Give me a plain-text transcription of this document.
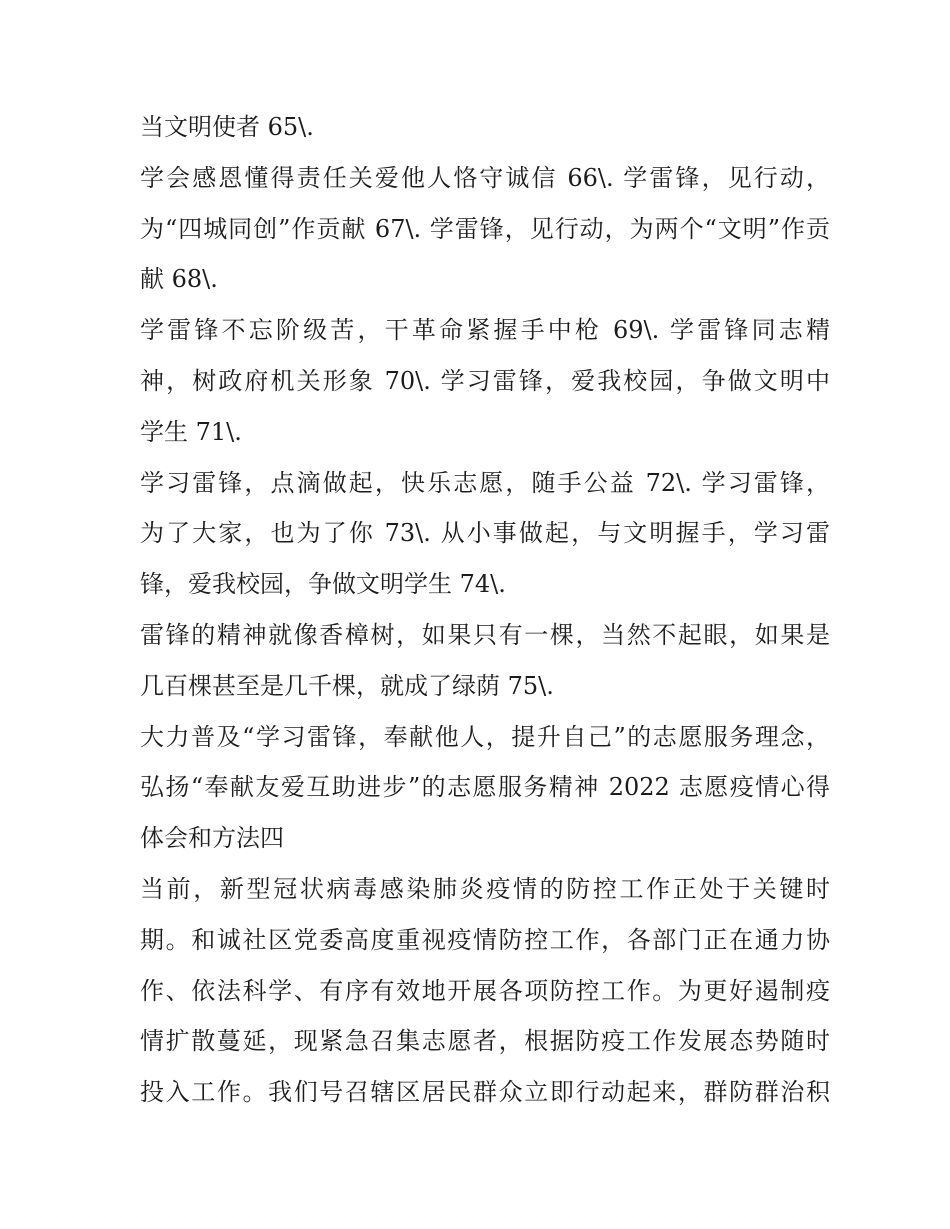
当文明使者 65\.
学会感恩懂得责任关爱他人恪守诚信 66\. 学雷锋，见行动，
为“四城同创”作贡献 67\. 学雷锋，见行动，为两个“文明”作贡
献 68\.
学雷锋不忘阶级苦，干革命紧握手中枪 69\. 学雷锋同志精
神，树政府机关形象 70\. 学习雷锋，爱我校园，争做文明中
学生 71\.
学习雷锋，点滴做起，快乐志愿，随手公益 72\. 学习雷锋，
为了大家，也为了你 73\. 从小事做起，与文明握手，学习雷
锋，爱我校园，争做文明学生 74\.
雷锋的精神就像香樟树，如果只有一棵，当然不起眼，如果是
几百棵甚至是几千棵，就成了绿荫 75\.
大力普及“学习雷锋，奉献他人，提升自己”的志愿服务理念，
弘扬“奉献友爱互助进步”的志愿服务精神 2022 志愿疫情心得
体会和方法四
当前，新型冠状病毒感染肺炎疫情的防控工作正处于关键时
期。和诚社区党委高度重视疫情防控工作，各部门正在通力协
作、依法科学、有序有效地开展各项防控工作。为更好遏制疫
情扩散蔓延，现紧急召集志愿者，根据防疫工作发展态势随时
投入工作。我们号召辖区居民群众立即行动起来，群防群治积
